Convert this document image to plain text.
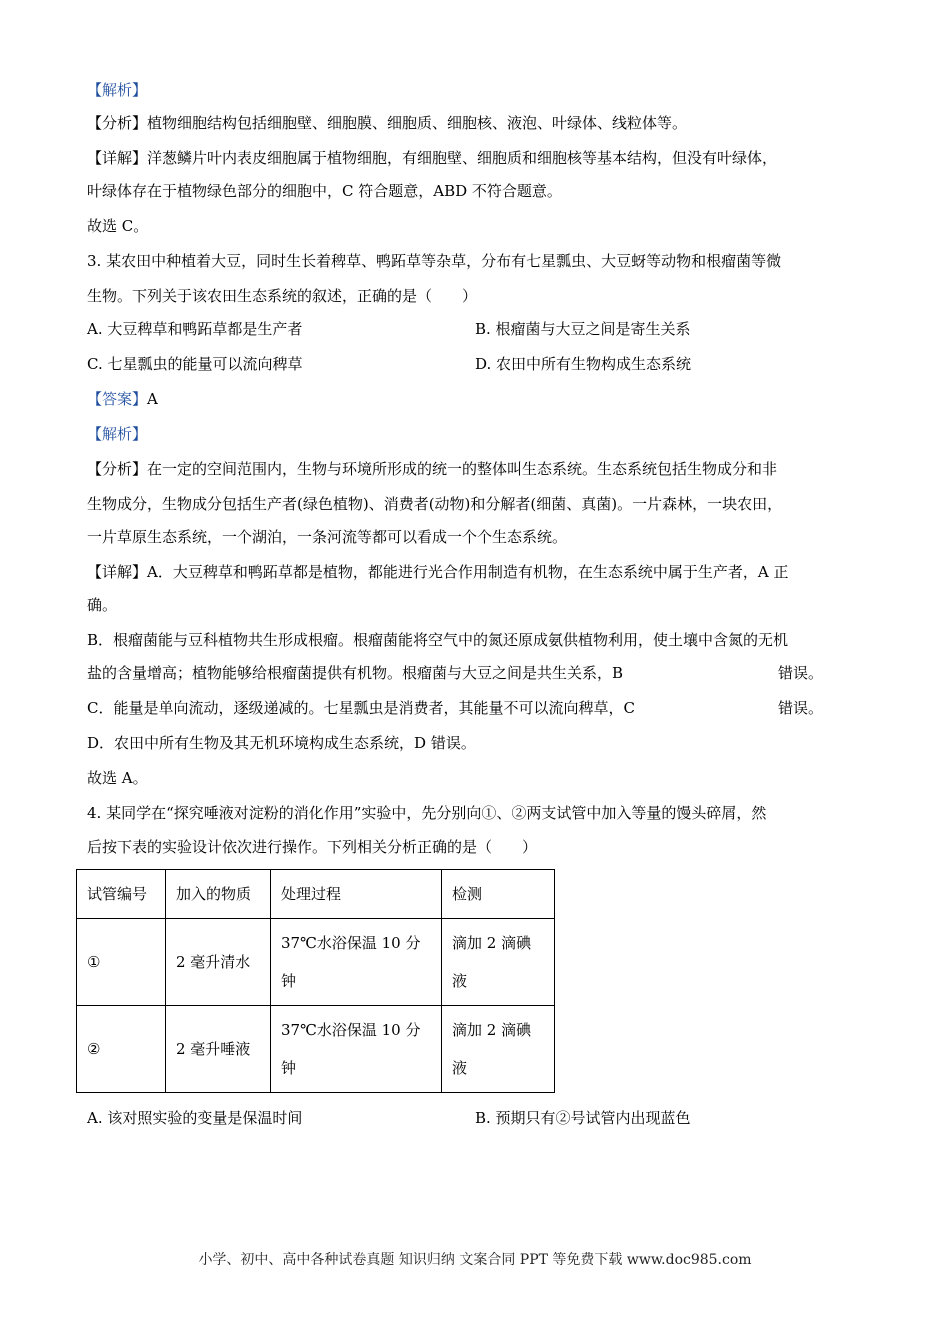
【解析】
【分析】植物细胞结构包括细胞壁、细胞膜、细胞质、细胞核、液泡、叶绿体、线粒体等。
【详解】洋葱鳞片叶内表皮细胞属于植物细胞，有细胞壁、细胞质和细胞核等基本结构，但没有叶绿体，
叶绿体存在于植物绿色部分的细胞中，C 符合题意，ABD 不符合题意。
故选 C。
3. 某农田中种植着大豆，同时生长着稗草、鸭跖草等杂草，分布有七星瓢虫、大豆蚜等动物和根瘤菌等微
生物。下列关于该农田生态系统的叙述，正确的是（　　）
A. 大豆稗草和鸭跖草都是生产者	B. 根瘤菌与大豆之间是寄生关系
C. 七星瓢虫的能量可以流向稗草	D. 农田中所有生物构成生态系统
【答案】A
【解析】
【分析】在一定的空间范围内，生物与环境所形成的统一的整体叫生态系统。生态系统包括生物成分和非
生物成分，生物成分包括生产者(绿色植物)、消费者(动物)和分解者(细菌、真菌)。一片森林，一块农田，
一片草原生态系统，一个湖泊，一条河流等都可以看成一个个生态系统。
【详解】A．大豆稗草和鸭跖草都是植物，都能进行光合作用制造有机物，在生态系统中属于生产者，A 正
确。
B．根瘤菌能与豆科植物共生形成根瘤。根瘤菌能将空气中的氮还原成氨供植物利用，使土壤中含氮的无机
盐的含量增高；植物能够给根瘤菌提供有机物。根瘤菌与大豆之间是共生关系，B	错误。
C．能量是单向流动，逐级递减的。七星瓢虫是消费者，其能量不可以流向稗草，C	错误。
D．农田中所有生物及其无机环境构成生态系统，D 错误。
故选 A。
4. 某同学在“探究唾液对淀粉的消化作用”实验中，先分别向①、②两支试管中加入等量的馒头碎屑，然
后按下表的实验设计依次进行操作。下列相关分析正确的是（　　）
试管编号	加入的物质	处理过程	检测
①	2 毫升清水	37℃水浴保温 10 分钟	滴加 2 滴碘液
②	2 毫升唾液	37℃水浴保温 10 分钟	滴加 2 滴碘液
A. 该对照实验的变量是保温时间	B. 预期只有②号试管内出现蓝色
小学、初中、高中各种试卷真题 知识归纳 文案合同 PPT 等免费下载 www.doc985.com
